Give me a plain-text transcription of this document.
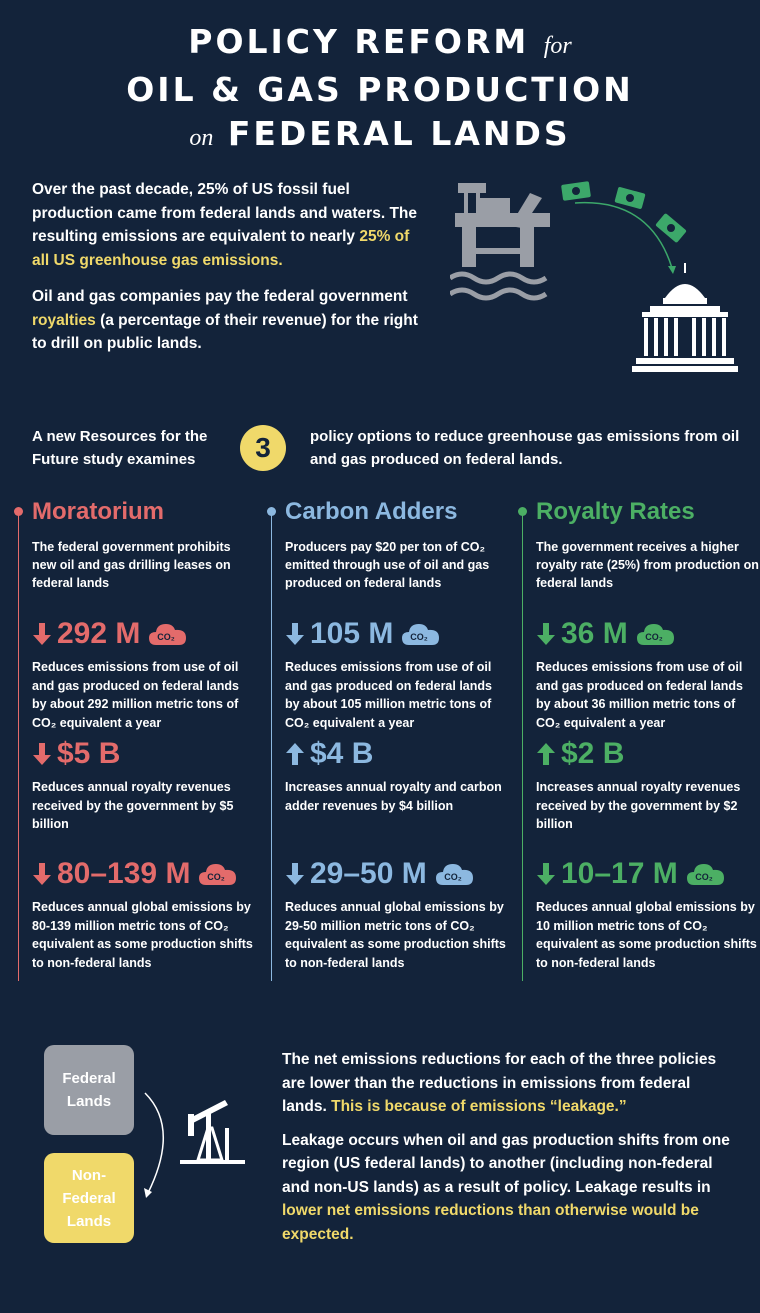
POLICY REFORM for
OIL & GAS PRODUCTION
on FEDERAL LANDS

Over the past decade, 25% of US fossil fuel production came from federal lands and waters. The resulting emissions are equivalent to nearly 25% of all US greenhouse gas emissions.

Oil and gas companies pay the federal government royalties (a percentage of their revenue) for the right to drill on public lands.

A new Resources for the Future study examines	3	policy options to reduce greenhouse gas emissions from oil and gas produced on federal lands.
Moratorium
The federal government prohibits new oil and gas drilling leases on federal lands
292 M CO₂
Reduces emissions from use of oil and gas produced on federal lands by about 292 million metric tons of CO₂ equivalent a year
$5 B
Reduces annual royalty revenues received by the government by $5 billion
80–139 M CO₂
Reduces annual global emissions by 80-139 million metric tons of CO₂ equivalent as some production shifts to non-federal lands
Carbon Adders
Producers pay $20 per ton of CO₂ emitted through use of oil and gas produced on federal lands
105 M CO₂
Reduces emissions from use of oil and gas produced on federal lands by about 105 million metric tons of CO₂ equivalent a year
$4 B
Increases annual royalty and carbon adder revenues by $4 billion
29–50 M CO₂
Reduces annual global emissions by 29-50 million metric tons of CO₂ equivalent as some production shifts to non-federal lands
Royalty Rates
The government receives a higher royalty rate (25%) from production on federal lands
36 M CO₂
Reduces emissions from use of oil and gas produced on federal lands by about 36 million metric tons of CO₂ equivalent a year
$2 B
Increases annual royalty revenues received by the government by $2 billion
10–17 M CO₂
Reduces annual global emissions by 10 million metric tons of CO₂ equivalent as some production shifts to non-federal lands
Federal Lands
Non-Federal Lands

The net emissions reductions for each of the three policies are lower than the reductions in emissions from federal lands. This is because of emissions “leakage.”

Leakage occurs when oil and gas production shifts from one region (US federal lands) to another (including non-federal and non-US lands) as a result of policy. Leakage results in lower net emissions reductions than otherwise would be expected.
